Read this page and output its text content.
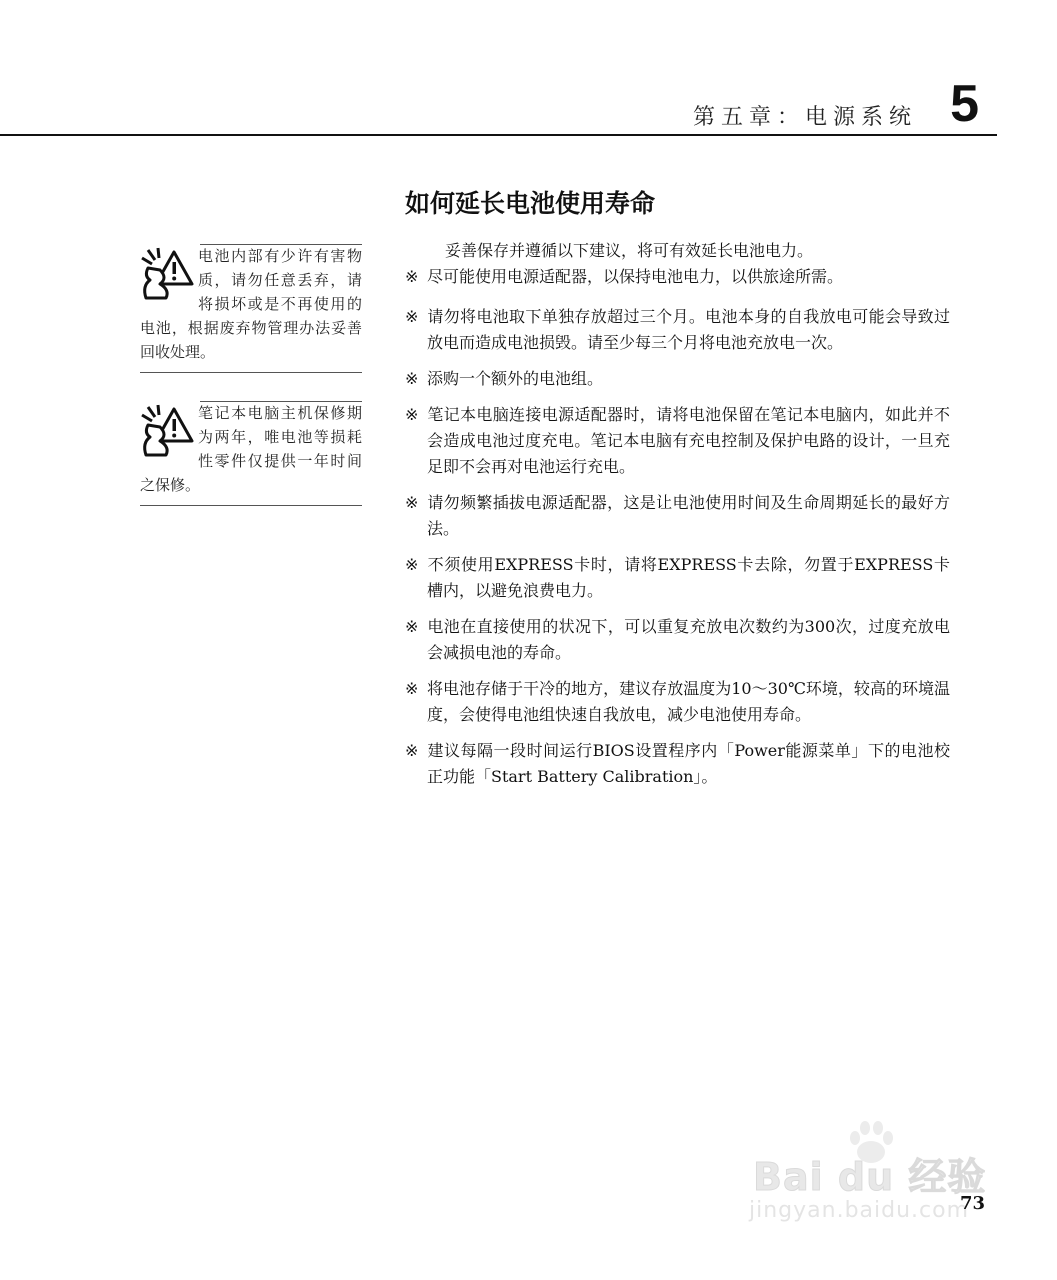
第五章：电源系统 5
电池内部有少许有害物质，请勿任意丢弃，请将损坏或是不再使用的电池，根据废弃物管理办法妥善回收处理。
笔记本电脑主机保修期为两年，唯电池等损耗性零件仅提供一年时间之保修。
如何延长电池使用寿命

妥善保存并遵循以下建议，将可有效延长电池电力。

※ 尽可能使用电源适配器，以保持电池电力，以供旅途所需。
※ 请勿将电池取下单独存放超过三个月。电池本身的自我放电可能会导致过放电而造成电池损毁。请至少每三个月将电池充放电一次。
※ 添购一个额外的电池组。
※ 笔记本电脑连接电源适配器时，请将电池保留在笔记本电脑内，如此并不会造成电池过度充电。笔记本电脑有充电控制及保护电路的设计，一旦充足即不会再对电池运行充电。
※ 请勿频繁插拔电源适配器，这是让电池使用时间及生命周期延长的最好方法。
※ 不须使用EXPRESS卡时，请将EXPRESS卡去除，勿置于EXPRESS卡槽内，以避免浪费电力。
※ 电池在直接使用的状况下，可以重复充放电次数约为300次，过度充放电会减损电池的寿命。
※ 将电池存储于干冷的地方，建议存放温度为10～30℃环境，较高的环境温度，会使得电池组快速自我放电，减少电池使用寿命。
※ 建议每隔一段时间运行BIOS设置程序内「Power能源菜单」下的电池校正功能「Start Battery Calibration」。
Bai du 经验
jingyan.baidu.com
73
